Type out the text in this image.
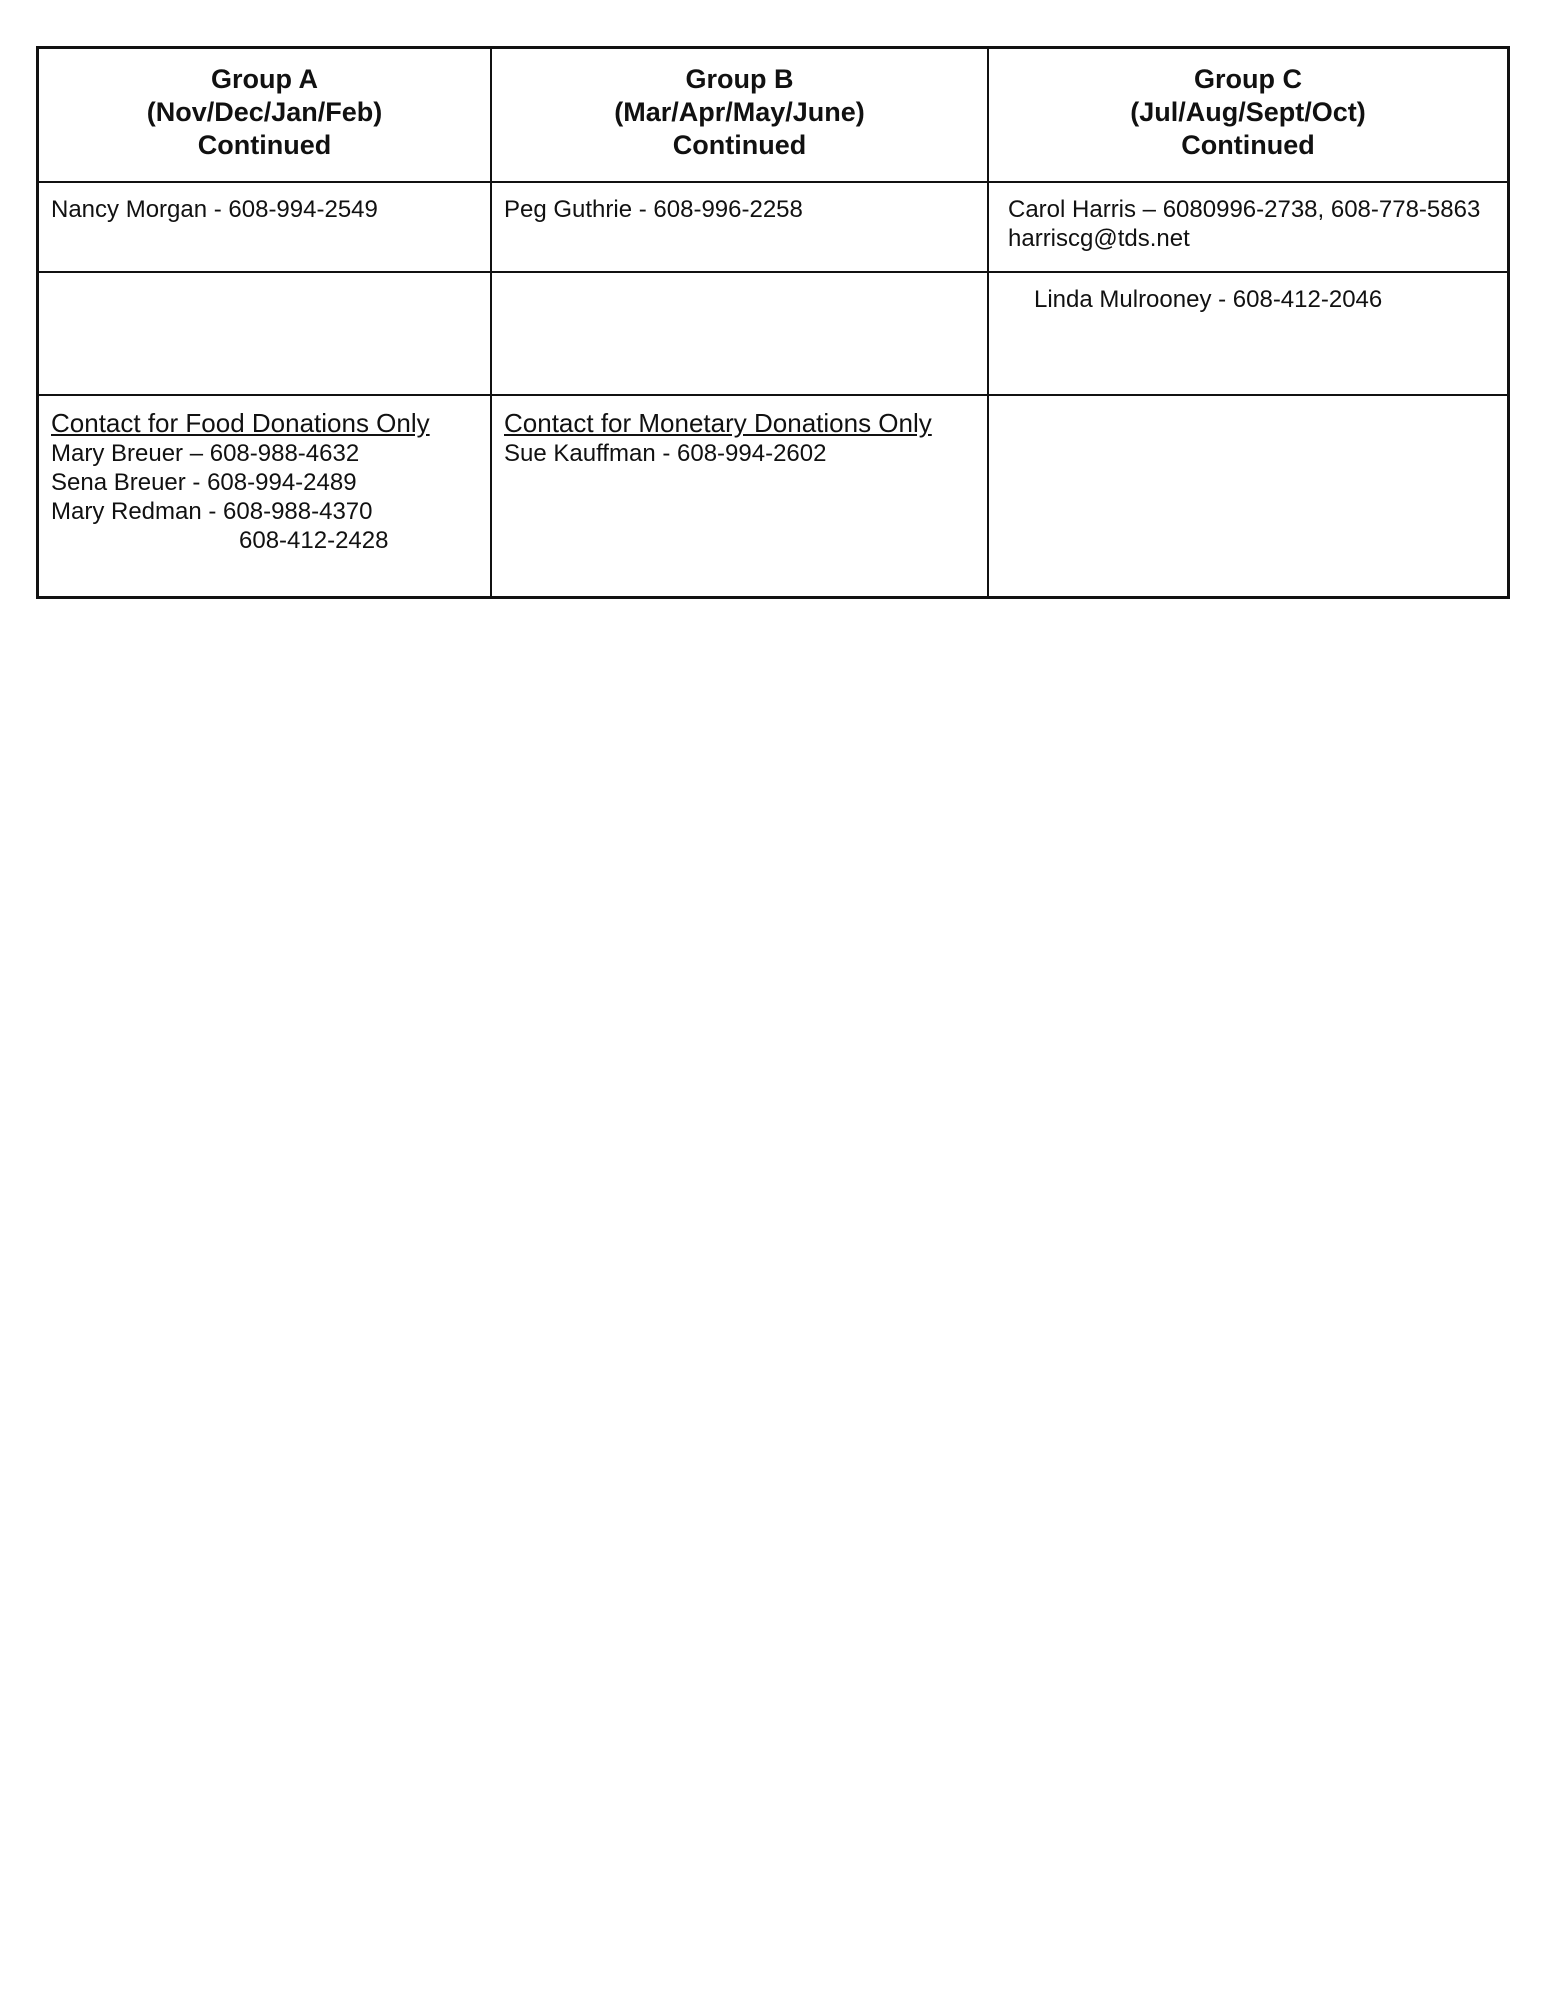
Group A
(Nov/Dec/Jan/Feb)
Continued
Group B
(Mar/Apr/May/June)
Continued
Group C
(Jul/Aug/Sept/Oct)
Continued
Nancy Morgan - 608-994-2549	Peg Guthrie - 608-996-2258	Carol Harris – 6080996-2738, 608-778-5863 harriscg@tds.net
Linda Mulrooney - 608-412-2046
Contact for Food Donations Only
Mary Breuer – 608-988-4632
Sena Breuer - 608-994-2489
Mary Redman - 608-988-4370
608-412-2428
Contact for Monetary Donations Only
Sue Kauffman - 608-994-2602
